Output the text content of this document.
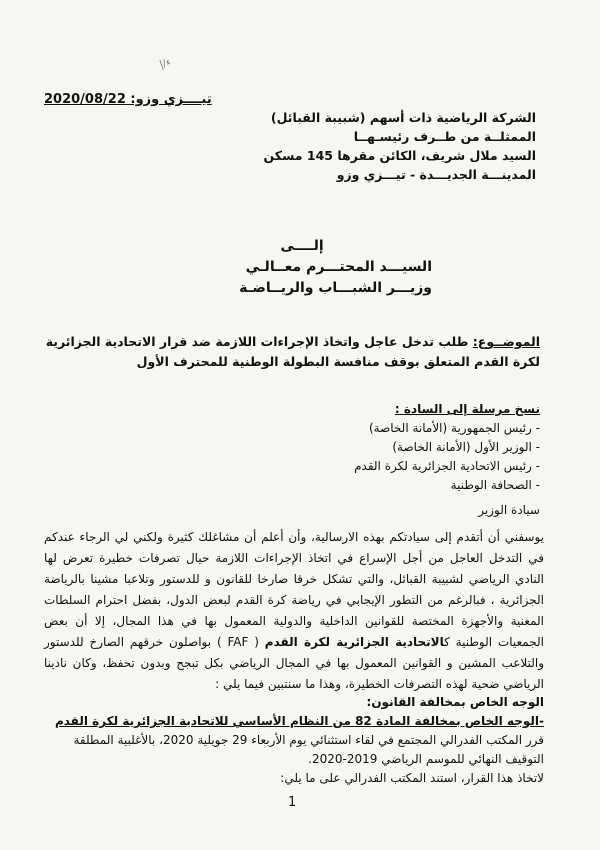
ﺀ/ﺇ
تيــــزي وزو: 2020/08/22
الشركة الرياضية ذات أسهم (شبيبة القبائل)
الممثلــة من طــرف رئيسـهــا
السيد ملال شريف، الكائن مقرها 145 مسكن
المدينـــة الجديـــدة - تيـــزي وزو
إلــــى
السيـــد المحتـــرم معــالـي
وزيـــر الشبـــاب والريــاضـة
الموضــوع: طلب تدخل عاجل واتخاذ الإجراءات اللازمة ضد قرار الاتحادية الجزائرية لكرة القدم المتعلق بوقف منافسة البطولة الوطنية للمحترف الأول
نسخ مرسلة إلى السادة :
- رئيس الجمهورية (الأمانة الخاصة)
- الوزير الأول (الأمانة الخاصة)
- رئيس الاتحادية الجزائرية لكرة القدم
- الصحافة الوطنية
سيادة الوزير
يوسفني أن أتقدم إلى سيادتكم بهذه الارسالية، وأن أعلم أن مشاغلك كثيرة ولكني لي الرجاء عندكم في التدخل العاجل من أجل الإسراع في اتخاذ الإجراءات اللازمة حيال تصرفات خطيرة تعرض لها النادي الرياضي لشبيبة القبائل، والتي تشكل خرقا صارخا للقانون و للدستور وتلاعبا مشينا بالرياضة الجزائرية ، فبالرغم من التطور الإيجابي في رياضة كرة القدم لبعض الدول، بفضل احترام السلطات المعنية والأجهزة المختصة للقوانين الداخلية والدولية المعمول بها في هذا المجال، إلا أن بعض الجمعيات الوطنية كالاتحادية الجزائرية لكرة القدم ( FAF ) بواصلون خرقهم الصارخ للدستور والتلاعب المشين و القوانين المعمول بها في المجال الرياضي بكل تبجح وبدون تحفظ، وكان نادينا الرياضي ضحية لهذه التصرفات الخطيرة، وهذا ما سنتبين فيما يلي :
الوجه الخاص بمخالفة القانون:
-الوجه الخاص بمخالفة المادة 82 من النظام الأساسي للاتحادية الجزائرية لكرة القدم
قرر المكتب الفدرالي المجتمع في لقاء استثنائي يوم الأربعاء 29 جويلية 2020، بالأغلبية المطلقة التوقيف النهائي للموسم الرياضي 2019-2020.
لاتخاذ هذا القرار، استند المكتب الفدرالي على ما يلي:
1
